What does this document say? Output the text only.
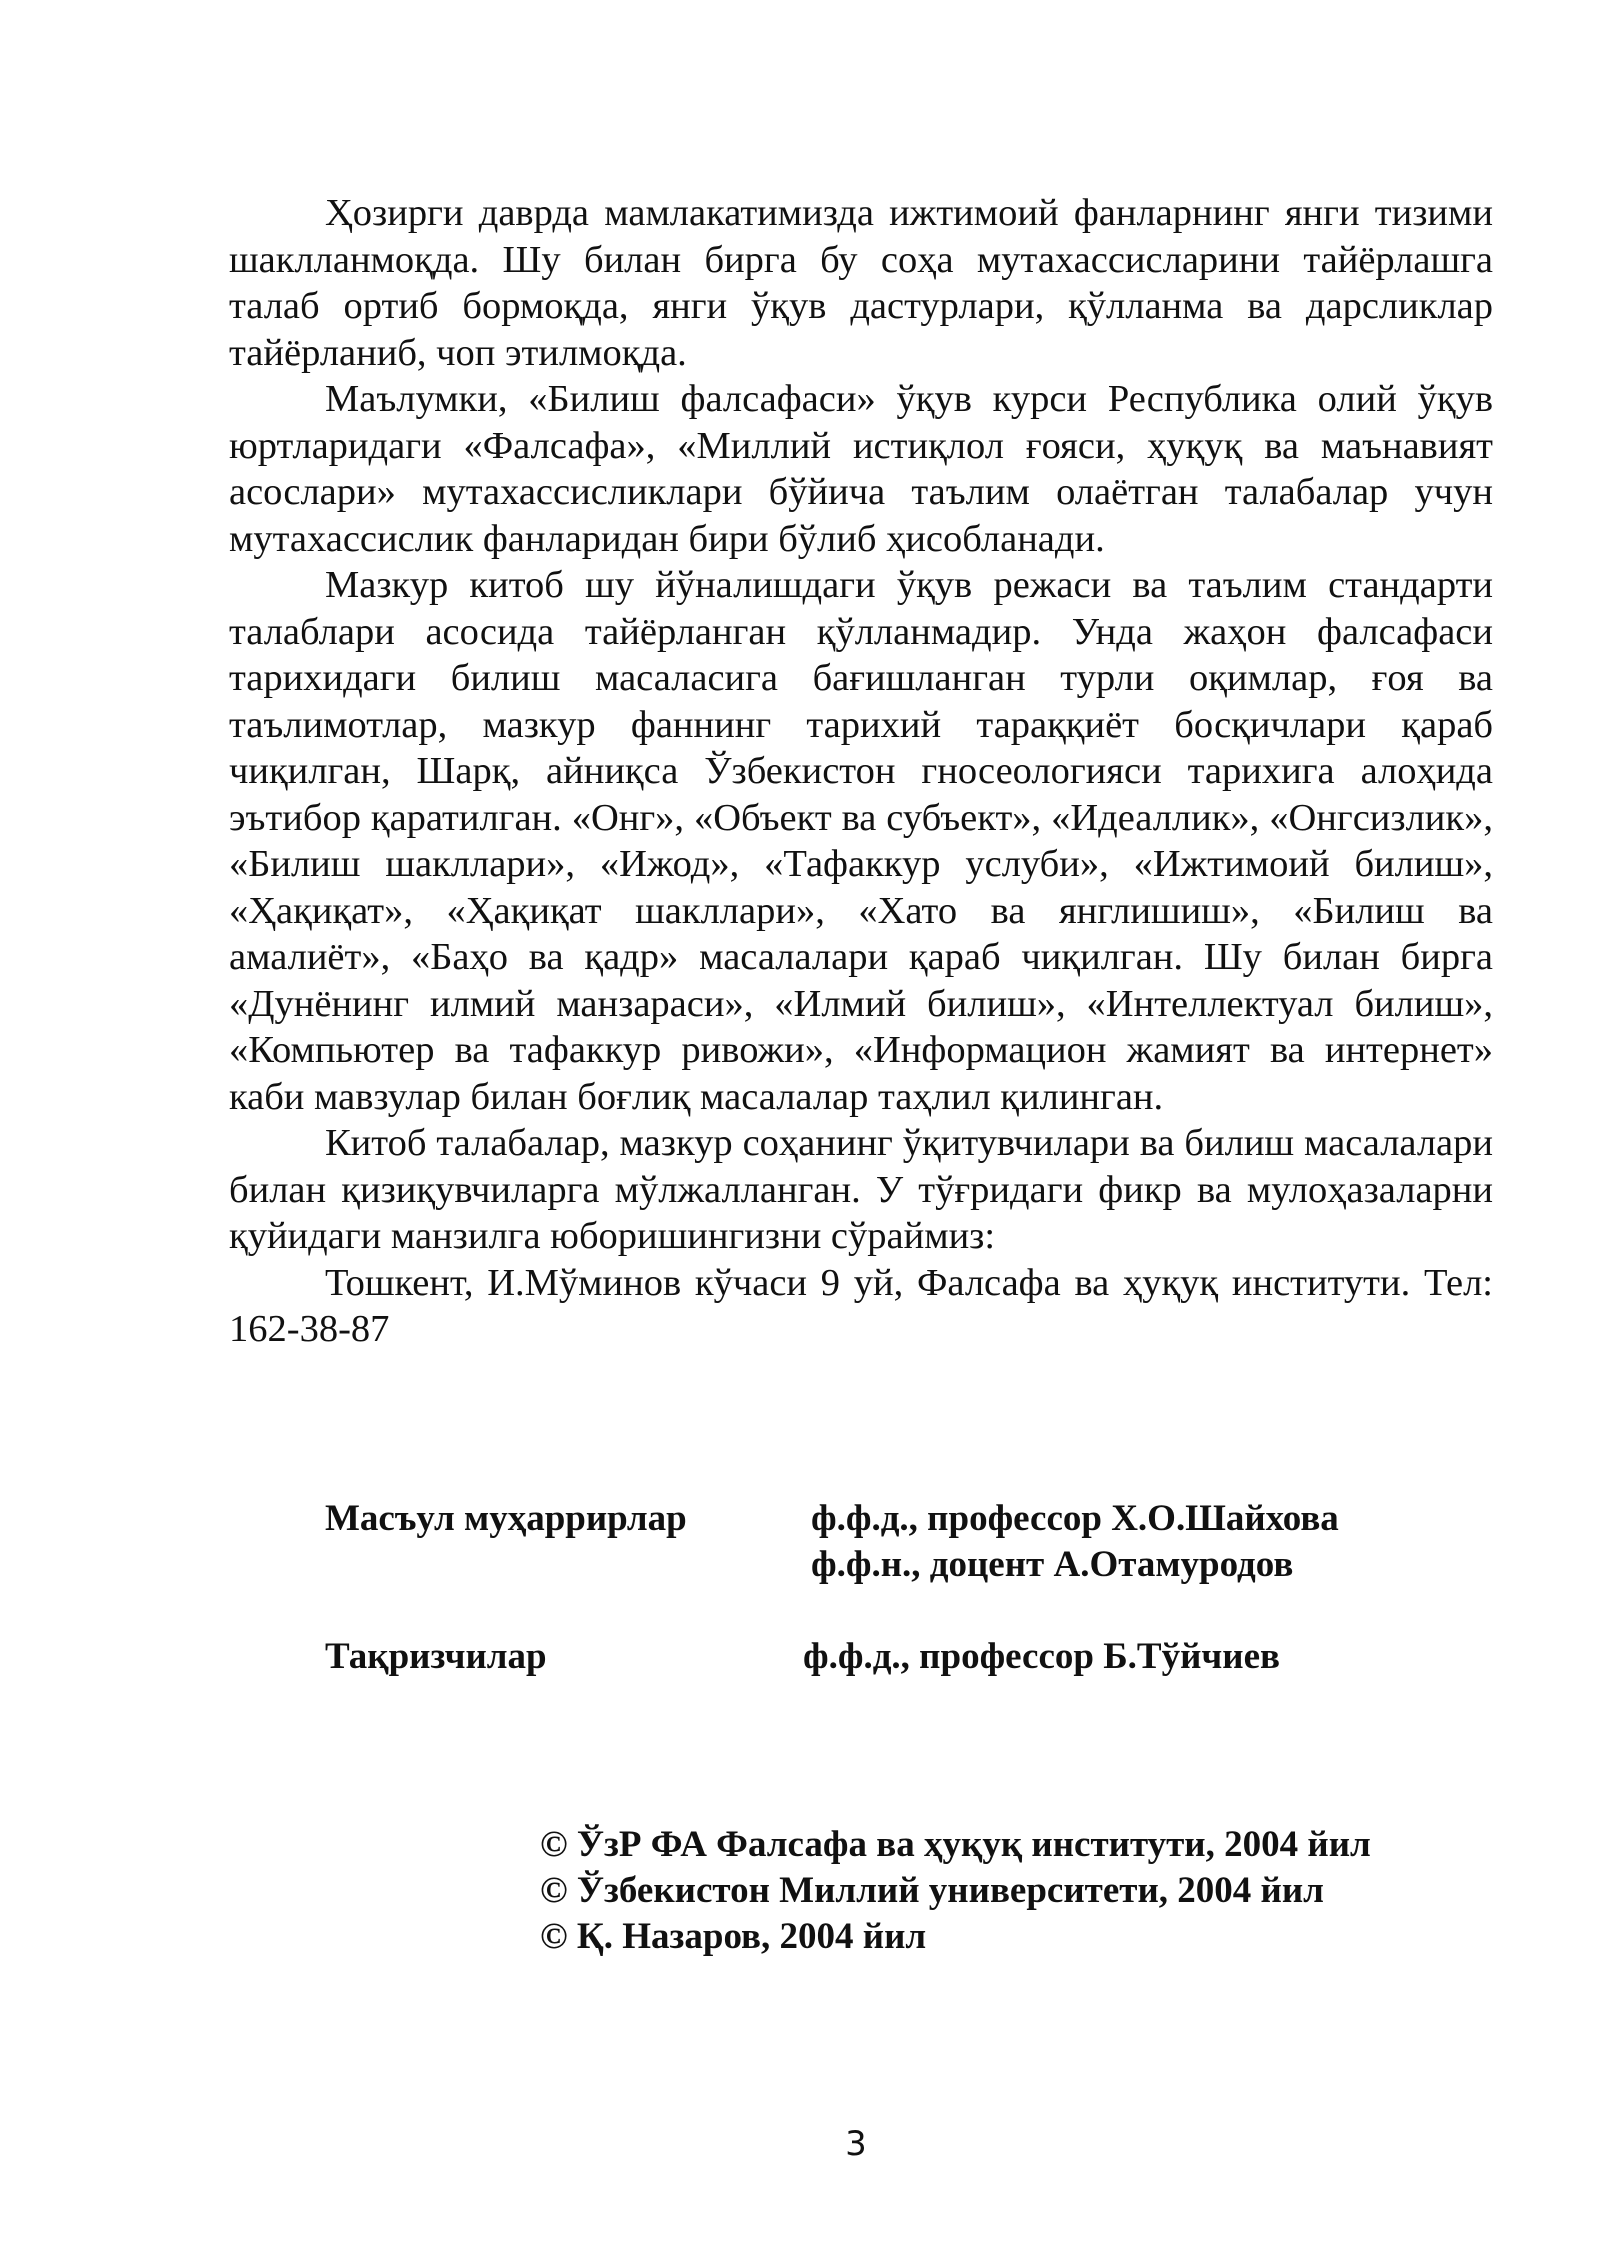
Ҳозирги даврда мамлакатимизда ижтимоий фанларнинг янги тизими шаклланмоқда. Шу билан бирга бу соҳа мутахассисларини тайёрлашга талаб ортиб бормоқда, янги ўқув дастурлари, қўлланма ва дарсликлар тайёрланиб, чоп этилмоқда.

Маълумки, «Билиш фалсафаси» ўқув курси Республика олий ўқув юртларидаги «Фалсафа», «Миллий истиқлол ғояси, ҳуқуқ ва маънавият асослари» мутахассисликлари бўйича таълим олаётган талабалар учун мутахассислик фанларидан бири бўлиб ҳисобланади.

Мазкур китоб шу йўналишдаги ўқув режаси ва таълим стандарти талаблари асосида тайёрланган қўлланмадир. Унда жаҳон фалсафаси тарихидаги билиш масаласига бағишланган турли оқимлар, ғоя ва таълимотлар, мазкур фаннинг тарихий тараққиёт босқичлари қараб чиқилган, Шарқ, айниқса Ўзбекистон гносеологияси тарихига алоҳида эътибор қаратилган. «Онг», «Объект ва субъект», «Идеаллик», «Онгсизлик», «Билиш шакллари», «Ижод», «Тафаккур услуби», «Ижтимоий билиш», «Ҳақиқат», «Ҳақиқат шакллари», «Хато ва янглишиш», «Билиш ва амалиёт», «Баҳо ва қадр» масалалари қараб чиқилган. Шу билан бирга «Дунёнинг илмий манзараси», «Илмий билиш», «Интеллектуал билиш», «Компьютер ва тафаккур ривожи», «Информацион жамият ва интернет» каби мавзулар билан боғлиқ масалалар таҳлил қилинган.

Китоб талабалар, мазкур соҳанинг ўқитувчилари ва билиш масалалари билан қизиқувчиларга мўлжалланган. У тўғридаги фикр ва мулоҳазаларни қуйидаги манзилга юборишингизни сўраймиз:

Тошкент, И.Мўминов кўчаси 9 уй, Фалсафа ва ҳуқуқ институти. Тел: 162-38-87

Масъул муҳаррирлар	ф.ф.д., профессор Х.О.Шайхова
ф.ф.н., доцент А.Отамуродов
Тақризчилар	ф.ф.д., профессор Б.Тўйчиев
© ЎзР ФА Фалсафа ва ҳуқуқ институти, 2004 йил
© Ўзбекистон Миллий университети, 2004 йил
© Қ. Назаров, 2004 йил
3
